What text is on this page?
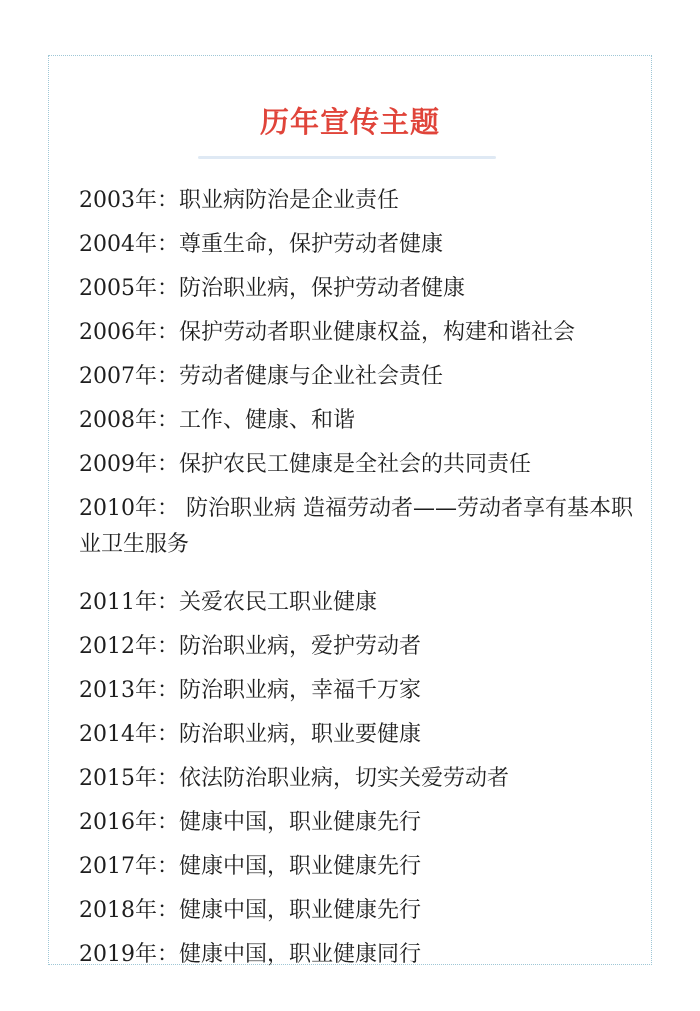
历年宣传主题
2003年：职业病防治是企业责任
2004年：尊重生命，保护劳动者健康
2005年：防治职业病，保护劳动者健康
2006年：保护劳动者职业健康权益，构建和谐社会
2007年：劳动者健康与企业社会责任
2008年：工作、健康、和谐
2009年：保护农民工健康是全社会的共同责任
2010年： 防治职业病 造福劳动者——劳动者享有基本职业卫生服务
2011年：关爱农民工职业健康
2012年：防治职业病，爱护劳动者
2013年：防治职业病，幸福千万家
2014年：防治职业病，职业要健康
2015年：依法防治职业病，切实关爱劳动者
2016年：健康中国，职业健康先行
2017年：健康中国，职业健康先行
2018年：健康中国，职业健康先行
2019年：健康中国，职业健康同行
